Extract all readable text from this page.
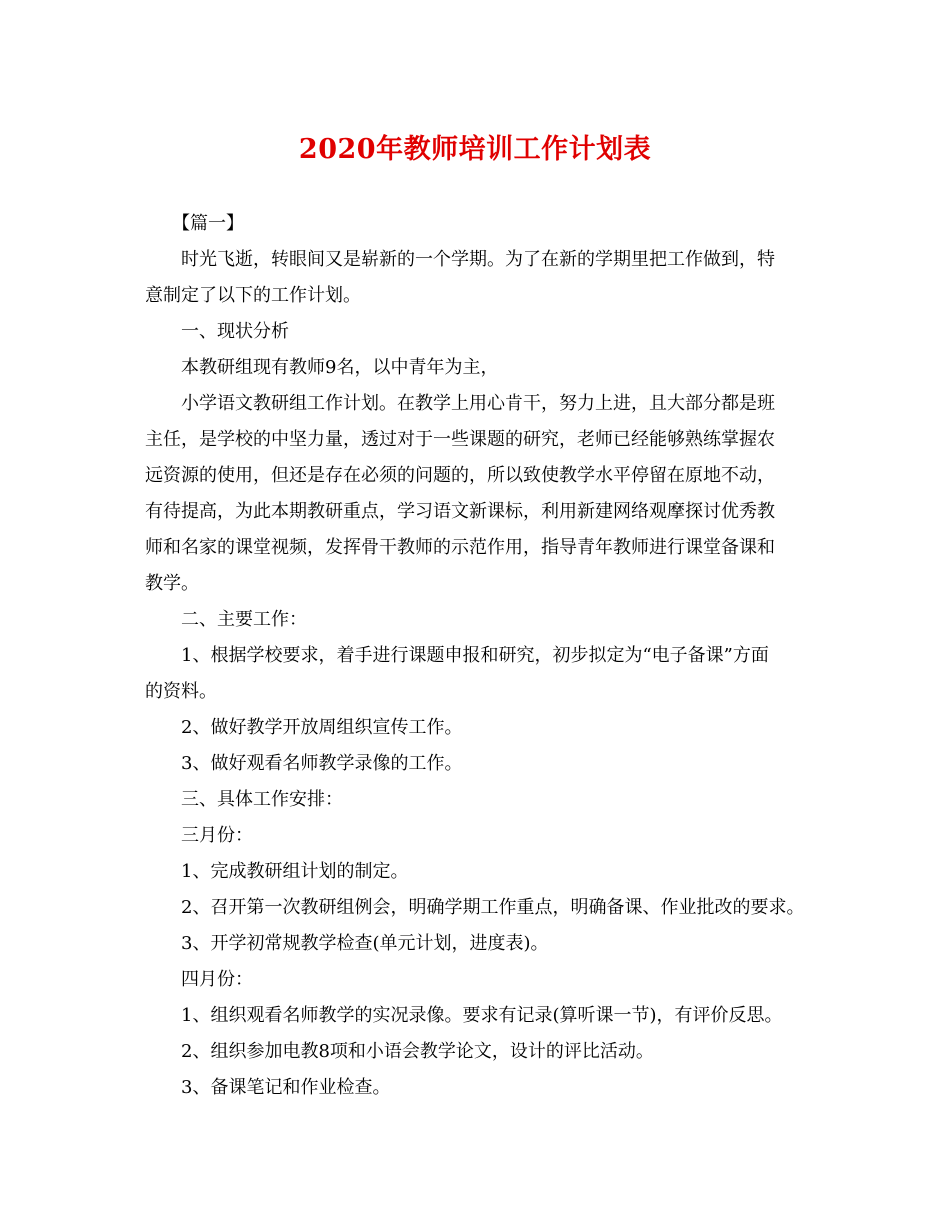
2020年教师培训工作计划表

【篇一】

时光飞逝，转眼间又是崭新的一个学期。为了在新的学期里把工作做到，特

意制定了以下的工作计划。

一、现状分析

本教研组现有教师9名，以中青年为主，

小学语文教研组工作计划。在教学上用心肯干，努力上进，且大部分都是班

主任，是学校的中坚力量，透过对于一些课题的研究，老师已经能够熟练掌握农

远资源的使用，但还是存在必须的问题的，所以致使教学水平停留在原地不动，

有待提高，为此本期教研重点，学习语文新课标，利用新建网络观摩探讨优秀教

师和名家的课堂视频，发挥骨干教师的示范作用，指导青年教师进行课堂备课和

教学。

二、主要工作：

1、根据学校要求，着手进行课题申报和研究，初步拟定为“电子备课”方面

的资料。

2、做好教学开放周组织宣传工作。

3、做好观看名师教学录像的工作。

三、具体工作安排：

三月份：

1、完成教研组计划的制定。

2、召开第一次教研组例会，明确学期工作重点，明确备课、作业批改的要求。

3、开学初常规教学检查(单元计划，进度表)。

四月份：

1、组织观看名师教学的实况录像。要求有记录(算听课一节)，有评价反思。

2、组织参加电教8项和小语会教学论文，设计的评比活动。

3、备课笔记和作业检查。
